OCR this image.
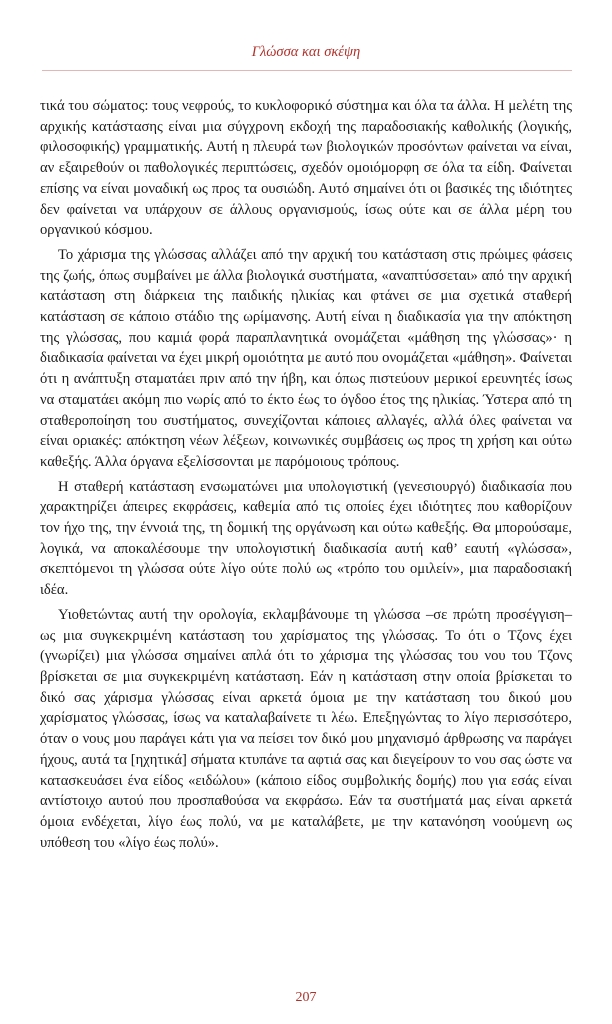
Γλώσσα και σκέψη

τικά του σώματος: τους νεφρούς, το κυκλοφορικό σύστημα και όλα τα άλλα. Η μελέτη της αρχικής κατάστασης είναι μια σύγχρονη εκδοχή της παραδοσιακής καθολικής (λογικής, φιλοσοφικής) γραμματικής. Αυτή η πλευρά των βιολογικών προσόντων φαίνεται να είναι, αν εξαιρεθούν οι παθολογικές περιπτώσεις, σχεδόν ομοιόμορφη σε όλα τα είδη. Φαίνεται επίσης να είναι μοναδική ως προς τα ουσιώδη. Αυτό σημαίνει ότι οι βασικές της ιδιότητες δεν φαίνεται να υπάρχουν σε άλλους οργανισμούς, ίσως ούτε και σε άλλα μέρη του οργανικού κόσμου.

Το χάρισμα της γλώσσας αλλάζει από την αρχική του κατάσταση στις πρώιμες φάσεις της ζωής, όπως συμβαίνει με άλλα βιολογικά συστήματα, «αναπτύσσεται» από την αρχική κατάσταση στη διάρκεια της παιδικής ηλικίας και φτάνει σε μια σχετικά σταθερή κατάσταση σε κάποιο στάδιο της ωρίμανσης. Αυτή είναι η διαδικασία για την απόκτηση της γλώσσας, που καμιά φορά παραπλανητικά ονομάζεται «μάθηση της γλώσσας»· η διαδικασία φαίνεται να έχει μικρή ομοιότητα με αυτό που ονομάζεται «μάθηση». Φαίνεται ότι η ανάπτυξη σταματάει πριν από την ήβη, και όπως πιστεύουν μερικοί ερευνητές ίσως να σταματάει ακόμη πιο νωρίς από το έκτο έως το όγδοο έτος της ηλικίας. Ύστερα από τη σταθεροποίηση του συστήματος, συνεχίζονται κάποιες αλλαγές, αλλά όλες φαίνεται να είναι οριακές: απόκτηση νέων λέξεων, κοινωνικές συμβάσεις ως προς τη χρήση και ούτω καθεξής. Άλλα όργανα εξελίσσονται με παρόμοιους τρόπους.

Η σταθερή κατάσταση ενσωματώνει μια υπολογιστική (γενεσιουργό) διαδικασία που χαρακτηρίζει άπειρες εκφράσεις, καθεμία από τις οποίες έχει ιδιότητες που καθορίζουν τον ήχο της, την έννοιά της, τη δομική της οργάνωση και ούτω καθεξής. Θα μπορούσαμε, λογικά, να αποκαλέσουμε την υπολογιστική διαδικασία αυτή καθ’ εαυτή «γλώσσα», σκεπτόμενοι τη γλώσσα ούτε λίγο ούτε πολύ ως «τρόπο του ομιλείν», μια παραδοσιακή ιδέα.

Υιοθετώντας αυτή την ορολογία, εκλαμβάνουμε τη γλώσσα –σε πρώτη προσέγγιση– ως μια συγκεκριμένη κατάσταση του χαρίσματος της γλώσσας. Το ότι ο Τζονς έχει (γνωρίζει) μια γλώσσα σημαίνει απλά ότι το χάρισμα της γλώσσας του νου του Τζονς βρίσκεται σε μια συγκεκριμένη κατάσταση. Εάν η κατάσταση στην οποία βρίσκεται το δικό σας χάρισμα γλώσσας είναι αρκετά όμοια με την κατάσταση του δικού μου χαρίσματος γλώσσας, ίσως να καταλαβαίνετε τι λέω. Επεξηγώντας το λίγο περισσότερο, όταν ο νους μου παράγει κάτι για να πείσει τον δικό μου μηχανισμό άρθρωσης να παράγει ήχους, αυτά τα [ηχητικά] σήματα κτυπάνε τα αφτιά σας και διεγείρουν το νου σας ώστε να κατασκευάσει ένα είδος «ειδώλου» (κάποιο είδος συμβολικής δομής) που για εσάς είναι αντίστοιχο αυτού που προσπαθούσα να εκφράσω. Εάν τα συστήματά μας είναι αρκετά όμοια ενδέχεται, λίγο έως πολύ, να με καταλάβετε, με την κατανόηση νοούμενη ως υπόθεση του «λίγο έως πολύ».

207
